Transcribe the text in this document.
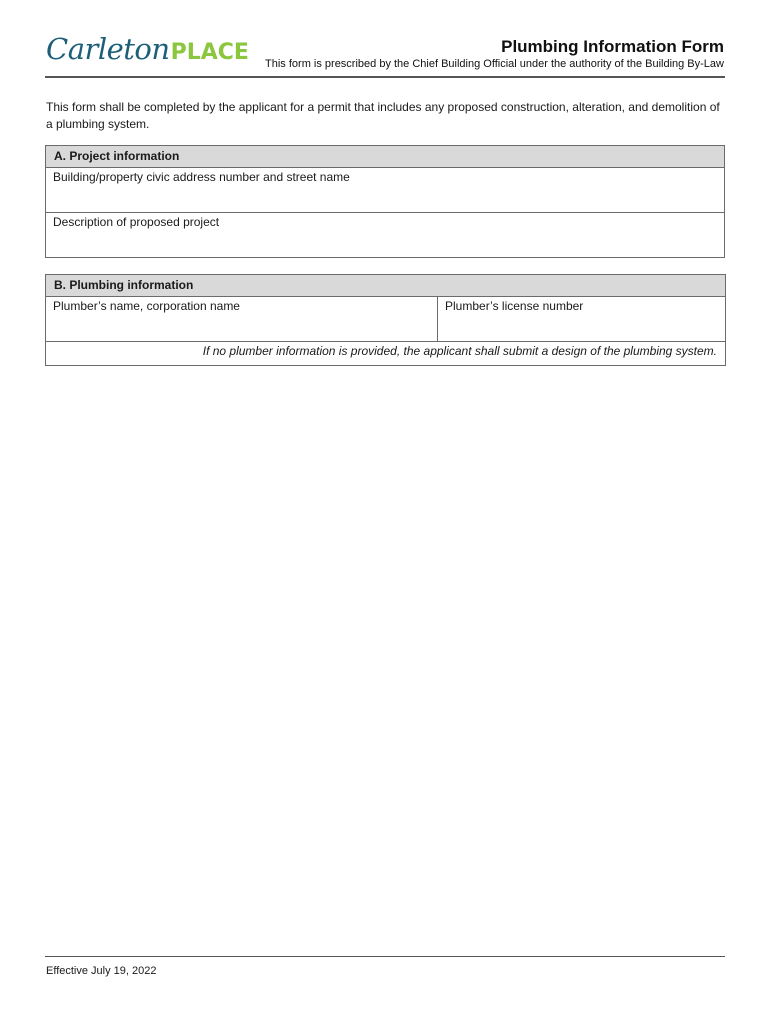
CarletonPLACE	Plumbing Information Form
This form is prescribed by the Chief Building Official under the authority of the Building By-Law
This form shall be completed by the applicant for a permit that includes any proposed construction, alteration, and demolition of a plumbing system.
A. Project information
Building/property civic address number and street name
Description of proposed project
B. Plumbing information
Plumber’s name, corporation name	Plumber’s license number
If no plumber information is provided, the applicant shall submit a design of the plumbing system.
Effective July 19, 2022
